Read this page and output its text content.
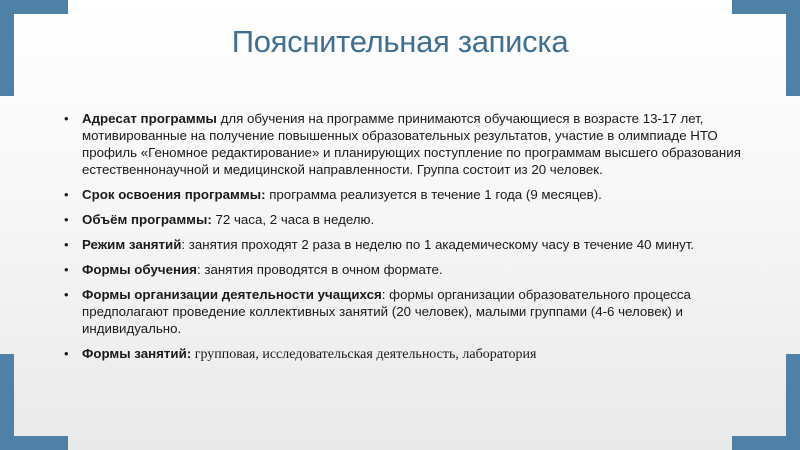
Пояснительная записка
• Адресат программы для обучения на программе принимаются обучающиеся в возрасте 13-17 лет, мотивированные на получение повышенных образовательных результатов, участие в олимпиаде НТО профиль «Геномное редактирование» и планирующих поступление по программам высшего образования естественнонаучной и медицинской направленности. Группа состоит из 20 человек.
• Срок освоения программы: программа реализуется в течение 1 года (9 месяцев).
• Объём программы: 72 часа, 2 часа в неделю.
• Режим занятий: занятия проходят 2 раза в неделю по 1 академическому часу в течение 40 минут.
• Формы обучения: занятия проводятся в очном формате.
• Формы организации деятельности учащихся: формы организации образовательного процесса предполагают проведение коллективных занятий (20 человек), малыми группами (4-6 человек) и индивидуально.
• Формы занятий: групповая, исследовательская деятельность, лаборатория
